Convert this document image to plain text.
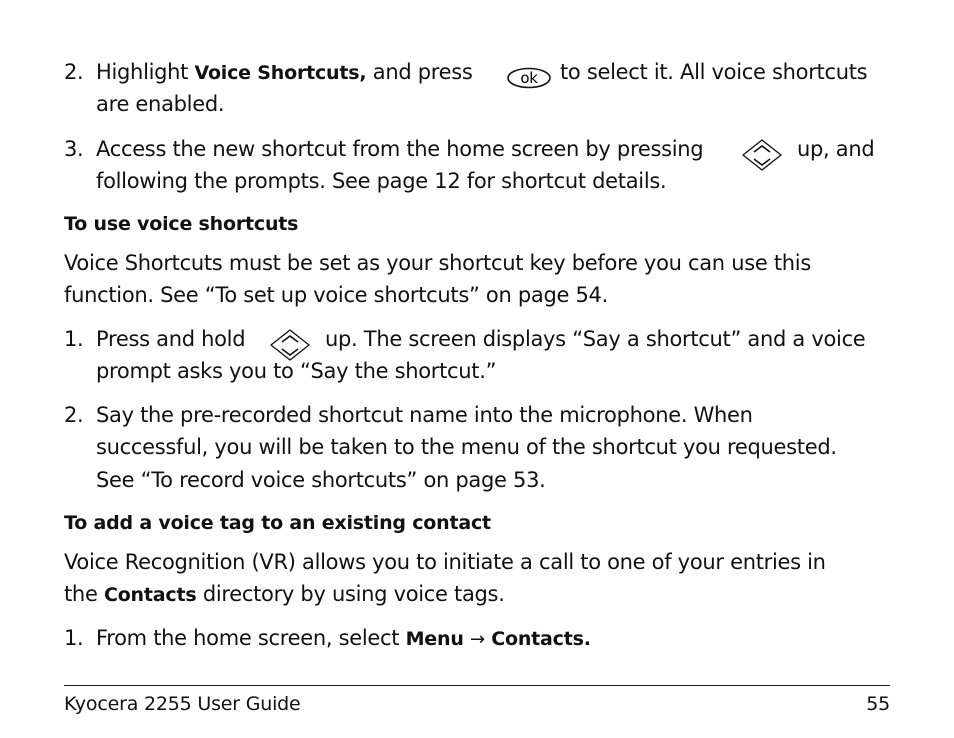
2. Highlight Voice Shortcuts, and press	ok to select it. All voice shortcuts
are enabled.
3. Access the new shortcut from the home screen by pressing	up, and
following the prompts. See page 12 for shortcut details.
To use voice shortcuts
Voice Shortcuts must be set as your shortcut key before you can use this
function. See “To set up voice shortcuts” on page 54.
1. Press and hold	up. The screen displays “Say a shortcut” and a voice
prompt asks you to “Say the shortcut.”
2. Say the pre-recorded shortcut name into the microphone. When
successful, you will be taken to the menu of the shortcut you requested.
See “To record voice shortcuts” on page 53.
To add a voice tag to an existing contact
Voice Recognition (VR) allows you to initiate a call to one of your entries in
the Contacts directory by using voice tags.
1. From the home screen, select Menu → Contacts.
Kyocera 2255 User Guide	55
